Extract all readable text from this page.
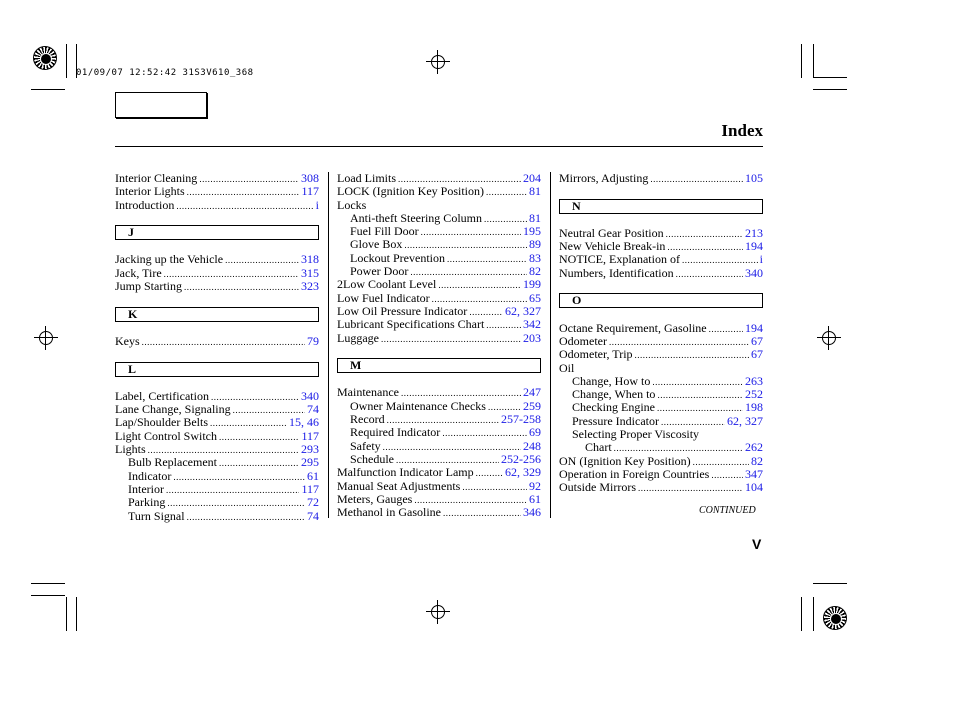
01/09/07 12:52:42 31S3V610_368
Index
Interior Cleaning .....	308
Interior Lights .....	117
Introduction .....	i
J
Jacking up the Vehicle .....	318
Jack, Tire .....	315
Jump Starting .....	323
K
Keys .....	79
L
Label, Certification .....	340
Lane Change, Signaling .....	74
Lap/Shoulder Belts .....	15, 46
Light Control Switch .....	117
Lights .....	293
Bulb Replacement .....	295
Indicator .....	61
Interior .....	117
Parking .....	72
Turn Signal .....	74
Load Limits .....	204
LOCK (Ignition Key Position) .....	81
Locks
Anti-theft Steering Column .....	81
Fuel Fill Door .....	195
Glove Box .....	89
Lockout Prevention .....	83
Power Door .....	82
2Low Coolant Level .....	199
Low Fuel Indicator .....	65
Low Oil Pressure Indicator .....	62, 327
Lubricant Specifications Chart .....	342
Luggage .....	203
M
Maintenance .....	247
Owner Maintenance Checks .....	259
Record .....	257-258
Required Indicator .....	69
Safety .....	248
Schedule .....	252-256
Malfunction Indicator Lamp .....	62, 329
Manual Seat Adjustments .....	92
Meters, Gauges .....	61
Methanol in Gasoline .....	346
Mirrors, Adjusting .....	105
N
Neutral Gear Position .....	213
New Vehicle Break-in .....	194
NOTICE, Explanation of .....	i
Numbers, Identification .....	340
O
Octane Requirement, Gasoline .....	194
Odometer .....	67
Odometer, Trip .....	67
Oil
Change, How to .....	263
Change, When to .....	252
Checking Engine .....	198
Pressure Indicator .....	62, 327
Selecting Proper Viscosity
Chart .....	262
ON (Ignition Key Position) .....	82
Operation in Foreign Countries .....	347
Outside Mirrors .....	104
CONTINUED
V
